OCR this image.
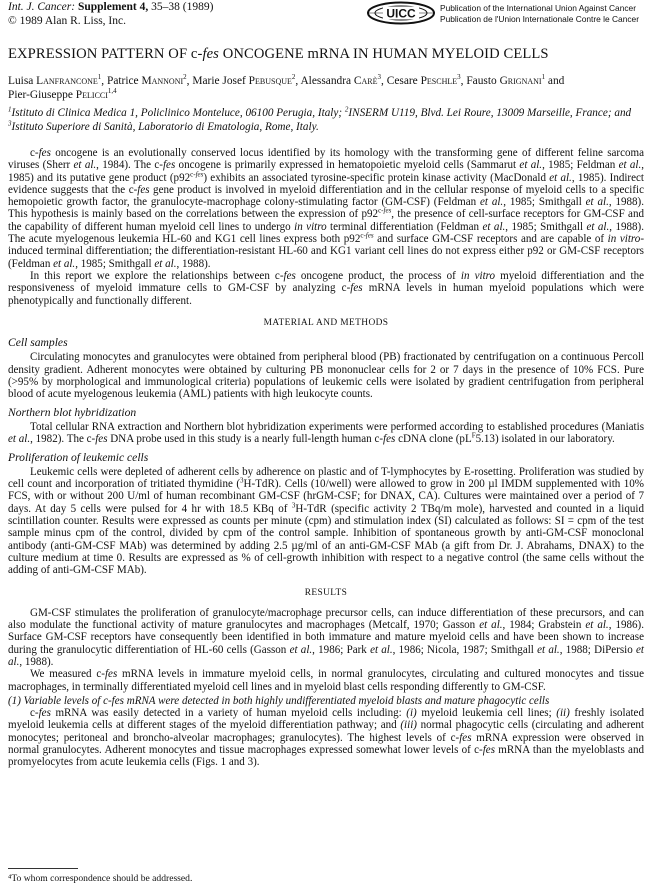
Int. J. Cancer: Supplement 4, 35–38 (1989)
© 1989 Alan R. Liss, Inc.
UICC	Publication of the International Union Against Cancer
Publication de l'Union Internationale Contre le Cancer
EXPRESSION PATTERN OF c-fes ONCOGENE mRNA IN HUMAN MYELOID CELLS
Luisa Lanfrancone$^1$, Patrice Mannoni$^2$, Marie Josef Pebusque$^2$, Alessandra Carè$^3$, Cesare Peschle$^3$, Fausto Grignani$^1$ and
Pier-Giuseppe Pelicci$^{1,4}$
$^1$Istituto di Clinica Medica 1, Policlinico Monteluce, 06100 Perugia, Italy; $^2$INSERM U119, Blvd. Lei Roure, 13009 Marseille, France; and $^3$Istituto Superiore di Sanità, Laboratorio di Ematologia, Rome, Italy.

c-fes oncogene is an evolutionally conserved locus identified by its homology with the transforming gene of different feline sarcoma viruses (Sherr et al., 1984). The c-fes oncogene is primarily expressed in hematopoietic myeloid cells (Sammarut et al., 1985; Feldman et al., 1985) and its putative gene product $(p92^{c-fes})$ exhibits an associated tyrosine-specific protein kinase activity (MacDonald et al., 1985). Indirect evidence suggests that the c-fes gene product is involved in myeloid differentiation and in the cellular response of myeloid cells to a specific hemopoietic growth factor, the granulocyte-macrophage colony-stimulating factor (GM-CSF) (Feldman et al., 1985; Smithgall et al., 1988). This hypothesis is mainly based on the correlations between the expression of $p92^{c-fes}$, the presence of cell-surface receptors for GM-CSF and the capability of different human myeloid cell lines to undergo in vitro terminal differentiation (Feldman et al., 1985; Smithgall et al., 1988). The acute myelogenous leukemia HL-60 and KG1 cell lines express both $p92^{c-fes}$ and surface GM-CSF receptors and are capable of in vitro-induced terminal differentiation; the differentiation-resistant HL-60 and KG1 variant cell lines do not express either p92 or GM-CSF receptors (Feldman et al., 1985; Smithgall et al., 1988).

In this report we explore the relationships between c-fes oncogene product, the process of in vitro myeloid differentiation and the responsiveness of myeloid immature cells to GM-CSF by analyzing c-fes mRNA levels in human myeloid populations which were phenotypically and functionally different.

MATERIAL AND METHODS
Cell samples

Circulating monocytes and granulocytes were obtained from peripheral blood (PB) fractionated by centrifugation on a continuous Percoll density gradient. Adherent monocytes were obtained by culturing PB mononuclear cells for 2 or 7 days in the presence of 10% FCS. Pure (>95% by morphological and immunological criteria) populations of leukemic cells were isolated by gradient centrifugation from peripheral blood of acute myelogenous leukemia (AML) patients with high leukocyte counts.

Northern blot hybridization

Total cellular RNA extraction and Northern blot hybridization experiments were performed according to established procedures (Maniatis et al., 1982). The c-fes DNA probe used in this study is a nearly full-length human c-fes cDNA clone $(pL^F5.13)$ isolated in our laboratory.

Proliferation of leukemic cells

Leukemic cells were depleted of adherent cells by adherence on plastic and of T-lymphocytes by E-rosetting. Proliferation was studied by cell count and incorporation of tritiated thymidine ($^3$H-TdR). Cells (10/well) were allowed to grow in 200 µl IMDM supplemented with 10% FCS, with or without 200 U/ml of human recombinant GM-CSF (hrGM-CSF; for DNAX, CA). Cultures were maintained over a period of 7 days. At day 5 cells were pulsed for 4 hr with 18.5 KBq of $^3$H-TdR (specific activity 2 TBq/m mole), harvested and counted in a liquid scintillation counter. Results were expressed as counts per minute (cpm) and stimulation index (SI) calculated as follows: SI = cpm of the test sample minus cpm of the control, divided by cpm of the control sample. Inhibition of spontaneous growth by anti-GM-CSF monoclonal antibody (anti-GM-CSF MAb) was determined by adding 2.5 µg/ml of an anti-GM-CSF MAb (a gift from Dr. J. Abrahams, DNAX) to the culture medium at time 0. Results are expressed as % of cell-growth inhibition with respect to a negative control (the same cells without the adding of anti-GM-CSF MAb).

RESULTS

GM-CSF stimulates the proliferation of granulocyte/macrophage precursor cells, can induce differentiation of these precursors, and can also modulate the functional activity of mature granulocytes and macrophages (Metcalf, 1970; Gasson et al., 1984; Grabstein et al., 1986). Surface GM-CSF receptors have consequently been identified in both immature and mature myeloid cells and have been shown to increase during the granulocytic differentiation of HL-60 cells (Gasson et al., 1986; Park et al., 1986; Nicola, 1987; Smithgall et al., 1988; DiPersio et al., 1988).

We measured c-fes mRNA levels in immature myeloid cells, in normal granulocytes, circulating and cultured monocytes and tissue macrophages, in terminally differentiated myeloid cell lines and in myeloid blast cells responding differently to GM-CSF.

(1) Variable levels of c-fes mRNA were detected in both highly undifferentiated myeloid blasts and mature phagocytic cells

c-fes mRNA was easily detected in a variety of human myeloid cells including: (i) myeloid leukemia cell lines; (ii) freshly isolated myeloid leukemia cells at different stages of the myeloid differentiation pathway; and (iii) normal phagocytic cells (circulating and adherent monocytes; peritoneal and broncho-alveolar macrophages; granulocytes). The highest levels of c-fes mRNA expression were observed in normal granulocytes. Adherent monocytes and tissue macrophages expressed somewhat lower levels of c-fes mRNA than the myeloblasts and promyelocytes from acute leukemia cells (Figs. 1 and 3).

⁴To whom correspondence should be addressed.
